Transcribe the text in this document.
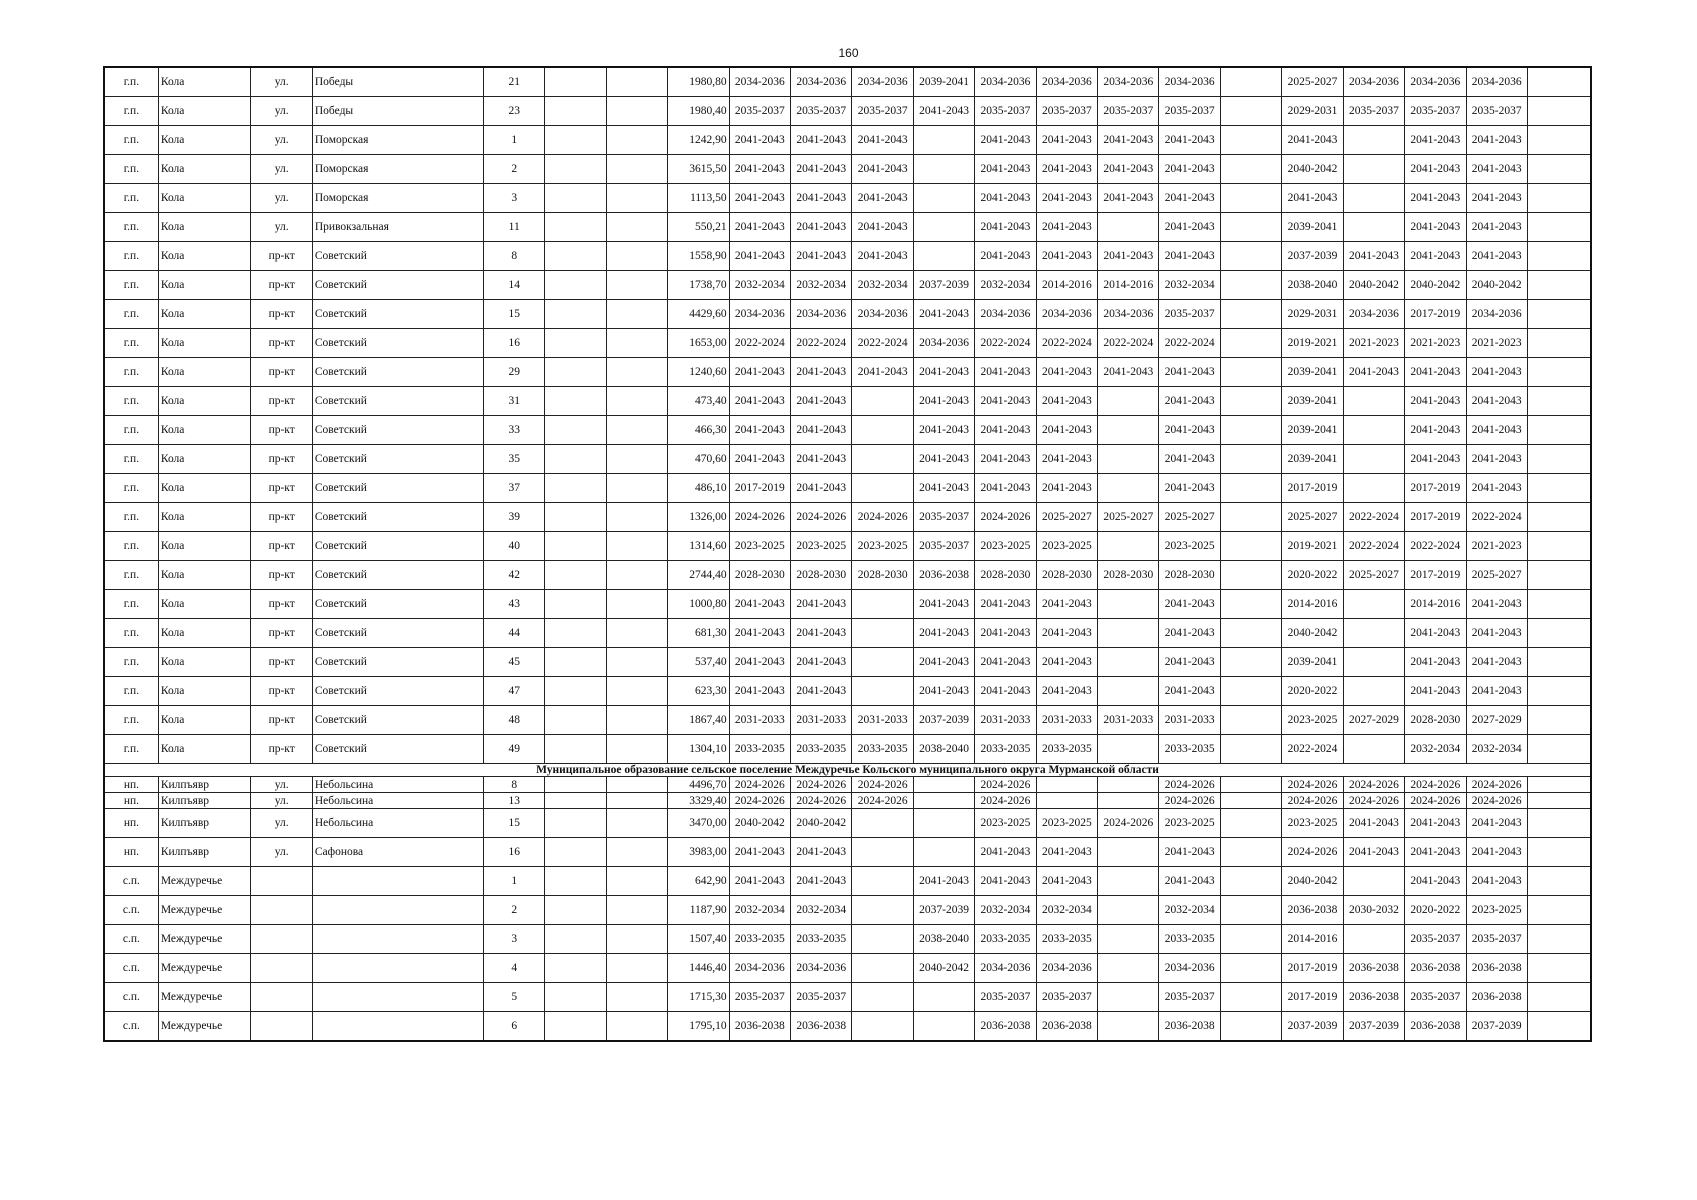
160
г.п.	Кола	ул.	Победы	21			1980,80	2034-2036	2034-2036	2034-2036	2039-2041	2034-2036	2034-2036	2034-2036	2034-2036		2025-2027	2034-2036	2034-2036	2034-2036	
г.п.	Кола	ул.	Победы	23			1980,40	2035-2037	2035-2037	2035-2037	2041-2043	2035-2037	2035-2037	2035-2037	2035-2037		2029-2031	2035-2037	2035-2037	2035-2037	
г.п.	Кола	ул.	Поморская	1			1242,90	2041-2043	2041-2043	2041-2043		2041-2043	2041-2043	2041-2043	2041-2043		2041-2043		2041-2043	2041-2043	
г.п.	Кола	ул.	Поморская	2			3615,50	2041-2043	2041-2043	2041-2043		2041-2043	2041-2043	2041-2043	2041-2043		2040-2042		2041-2043	2041-2043	
г.п.	Кола	ул.	Поморская	3			1113,50	2041-2043	2041-2043	2041-2043		2041-2043	2041-2043	2041-2043	2041-2043		2041-2043		2041-2043	2041-2043	
г.п.	Кола	ул.	Привокзальная	11			550,21	2041-2043	2041-2043	2041-2043		2041-2043	2041-2043		2041-2043		2039-2041		2041-2043	2041-2043	
г.п.	Кола	пр-кт	Советский	8			1558,90	2041-2043	2041-2043	2041-2043		2041-2043	2041-2043	2041-2043	2041-2043		2037-2039	2041-2043	2041-2043	2041-2043	
г.п.	Кола	пр-кт	Советский	14			1738,70	2032-2034	2032-2034	2032-2034	2037-2039	2032-2034	2014-2016	2014-2016	2032-2034		2038-2040	2040-2042	2040-2042	2040-2042	
г.п.	Кола	пр-кт	Советский	15			4429,60	2034-2036	2034-2036	2034-2036	2041-2043	2034-2036	2034-2036	2034-2036	2035-2037		2029-2031	2034-2036	2017-2019	2034-2036	
г.п.	Кола	пр-кт	Советский	16			1653,00	2022-2024	2022-2024	2022-2024	2034-2036	2022-2024	2022-2024	2022-2024	2022-2024		2019-2021	2021-2023	2021-2023	2021-2023	
г.п.	Кола	пр-кт	Советский	29			1240,60	2041-2043	2041-2043	2041-2043	2041-2043	2041-2043	2041-2043	2041-2043	2041-2043		2039-2041	2041-2043	2041-2043	2041-2043	
г.п.	Кола	пр-кт	Советский	31			473,40	2041-2043	2041-2043		2041-2043	2041-2043	2041-2043		2041-2043		2039-2041		2041-2043	2041-2043	
г.п.	Кола	пр-кт	Советский	33			466,30	2041-2043	2041-2043		2041-2043	2041-2043	2041-2043		2041-2043		2039-2041		2041-2043	2041-2043	
г.п.	Кола	пр-кт	Советский	35			470,60	2041-2043	2041-2043		2041-2043	2041-2043	2041-2043		2041-2043		2039-2041		2041-2043	2041-2043	
г.п.	Кола	пр-кт	Советский	37			486,10	2017-2019	2041-2043		2041-2043	2041-2043	2041-2043		2041-2043		2017-2019		2017-2019	2041-2043	
г.п.	Кола	пр-кт	Советский	39			1326,00	2024-2026	2024-2026	2024-2026	2035-2037	2024-2026	2025-2027	2025-2027	2025-2027		2025-2027	2022-2024	2017-2019	2022-2024	
г.п.	Кола	пр-кт	Советский	40			1314,60	2023-2025	2023-2025	2023-2025	2035-2037	2023-2025	2023-2025		2023-2025		2019-2021	2022-2024	2022-2024	2021-2023	
г.п.	Кола	пр-кт	Советский	42			2744,40	2028-2030	2028-2030	2028-2030	2036-2038	2028-2030	2028-2030	2028-2030	2028-2030		2020-2022	2025-2027	2017-2019	2025-2027	
г.п.	Кола	пр-кт	Советский	43			1000,80	2041-2043	2041-2043		2041-2043	2041-2043	2041-2043		2041-2043		2014-2016		2014-2016	2041-2043	
г.п.	Кола	пр-кт	Советский	44			681,30	2041-2043	2041-2043		2041-2043	2041-2043	2041-2043		2041-2043		2040-2042		2041-2043	2041-2043	
г.п.	Кола	пр-кт	Советский	45			537,40	2041-2043	2041-2043		2041-2043	2041-2043	2041-2043		2041-2043		2039-2041		2041-2043	2041-2043	
г.п.	Кола	пр-кт	Советский	47			623,30	2041-2043	2041-2043		2041-2043	2041-2043	2041-2043		2041-2043		2020-2022		2041-2043	2041-2043	
г.п.	Кола	пр-кт	Советский	48			1867,40	2031-2033	2031-2033	2031-2033	2037-2039	2031-2033	2031-2033	2031-2033	2031-2033		2023-2025	2027-2029	2028-2030	2027-2029	
г.п.	Кола	пр-кт	Советский	49			1304,10	2033-2035	2033-2035	2033-2035	2038-2040	2033-2035	2033-2035		2033-2035		2022-2024		2032-2034	2032-2034	
Муниципальное образование сельское поселение Междуречье Кольского муниципального округа Мурманской области																					
нп.	Килпъявр	ул.	Небольсина	8			4496,70	2024-2026	2024-2026	2024-2026		2024-2026			2024-2026		2024-2026	2024-2026	2024-2026	2024-2026	
нп.	Килпъявр	ул.	Небольсина	13			3329,40	2024-2026	2024-2026	2024-2026		2024-2026			2024-2026		2024-2026	2024-2026	2024-2026	2024-2026	
нп.	Килпъявр	ул.	Небольсина	15			3470,00	2040-2042	2040-2042			2023-2025	2023-2025	2024-2026	2023-2025		2023-2025	2041-2043	2041-2043	2041-2043	
нп.	Килпъявр	ул.	Сафонова	16			3983,00	2041-2043	2041-2043			2041-2043	2041-2043		2041-2043		2024-2026	2041-2043	2041-2043	2041-2043	
с.п.	Междуречье			1			642,90	2041-2043	2041-2043		2041-2043	2041-2043	2041-2043		2041-2043		2040-2042		2041-2043	2041-2043	
с.п.	Междуречье			2			1187,90	2032-2034	2032-2034		2037-2039	2032-2034	2032-2034		2032-2034		2036-2038	2030-2032	2020-2022	2023-2025	
с.п.	Междуречье			3			1507,40	2033-2035	2033-2035		2038-2040	2033-2035	2033-2035		2033-2035		2014-2016		2035-2037	2035-2037	
с.п.	Междуречье			4			1446,40	2034-2036	2034-2036		2040-2042	2034-2036	2034-2036		2034-2036		2017-2019	2036-2038	2036-2038	2036-2038	
с.п.	Междуречье			5			1715,30	2035-2037	2035-2037			2035-2037	2035-2037		2035-2037		2017-2019	2036-2038	2035-2037	2036-2038	
с.п.	Междуречье			6			1795,10	2036-2038	2036-2038			2036-2038	2036-2038		2036-2038		2037-2039	2037-2039	2036-2038	2037-2039	
